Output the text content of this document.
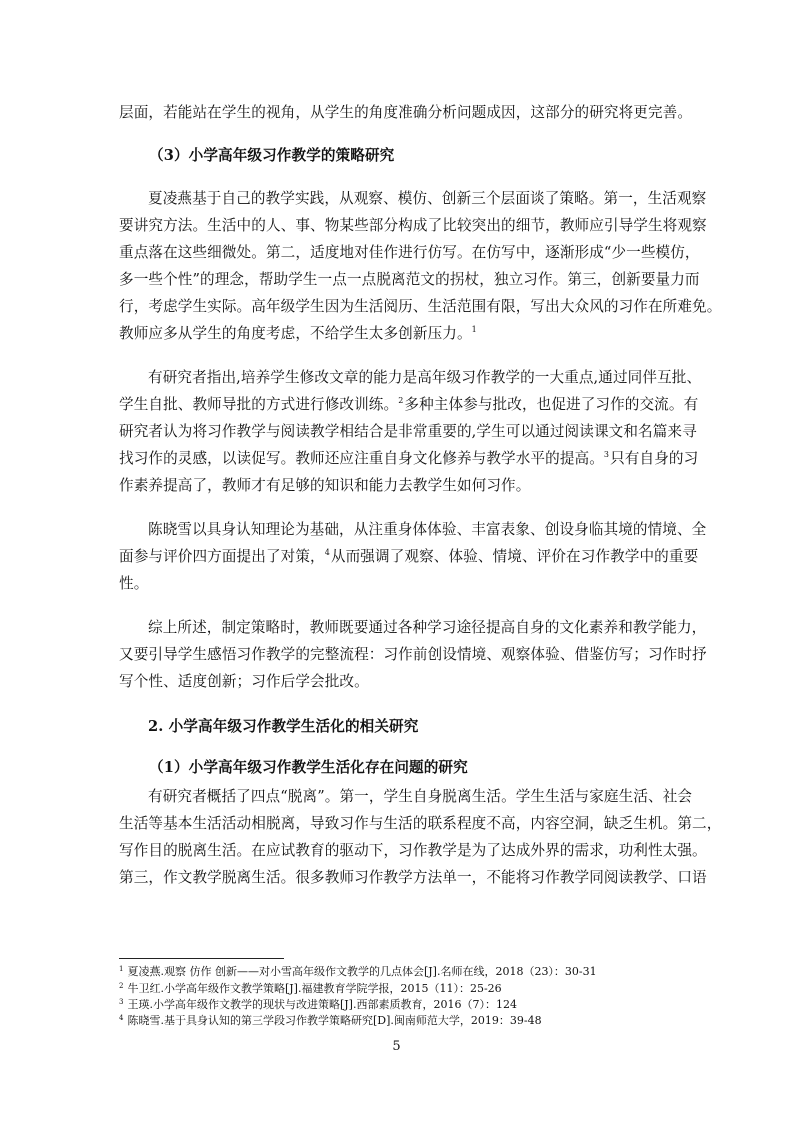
层面，若能站在学生的视角，从学生的角度准确分析问题成因，这部分的研究将更完善。
（3）小学高年级习作教学的策略研究
夏凌燕基于自己的教学实践，从观察、模仿、创新三个层面谈了策略。第一，生活观察
要讲究方法。生活中的人、事、物某些部分构成了比较突出的细节，教师应引导学生将观察
重点落在这些细微处。第二，适度地对佳作进行仿写。在仿写中，逐渐形成“少一些模仿，
多一些个性”的理念，帮助学生一点一点脱离范文的拐杖，独立习作。第三，创新要量力而
行，考虑学生实际。高年级学生因为生活阅历、生活范围有限，写出大众风的习作在所难免。
教师应多从学生的角度考虑，不给学生太多创新压力。$^1$
有研究者指出,培养学生修改文章的能力是高年级习作教学的一大重点,通过同伴互批、
学生自批、教师导批的方式进行修改训练。$^2$多种主体参与批改，也促进了习作的交流。有
研究者认为将习作教学与阅读教学相结合是非常重要的,学生可以通过阅读课文和名篇来寻
找习作的灵感，以读促写。教师还应注重自身文化修养与教学水平的提高。$^3$只有自身的习
作素养提高了，教师才有足够的知识和能力去教学生如何习作。
陈晓雪以具身认知理论为基础，从注重身体体验、丰富表象、创设身临其境的情境、全
面参与评价四方面提出了对策，$^4$从而强调了观察、体验、情境、评价在习作教学中的重要
性。
综上所述，制定策略时，教师既要通过各种学习途径提高自身的文化素养和教学能力，
又要引导学生感悟习作教学的完整流程：习作前创设情境、观察体验、借鉴仿写；习作时抒
写个性、适度创新；习作后学会批改。
2. 小学高年级习作教学生活化的相关研究
（1）小学高年级习作教学生活化存在问题的研究
有研究者概括了四点“脱离”。第一，学生自身脱离生活。学生生活与家庭生活、社会
生活等基本生活活动相脱离，导致习作与生活的联系程度不高，内容空洞，缺乏生机。第二，
写作目的脱离生活。在应试教育的驱动下，习作教学是为了达成外界的需求，功利性太强。
第三，作文教学脱离生活。很多教师习作教学方法单一，不能将习作教学同阅读教学、口语
$^1$ 夏凌燕.观察 仿作 创新——对小雪高年级作文教学的几点体会[J].名师在线，2018（23）：30-31
$^2$ 牛卫红.小学高年级作文教学策略[J].福建教育学院学报，2015（11）：25-26
$^3$ 王瑛.小学高年级作文教学的现状与改进策略[J].西部素质教育，2016（7）：124
$^4$ 陈晓雪.基于具身认知的第三学段习作教学策略研究[D].闽南师范大学，2019：39-48
5
